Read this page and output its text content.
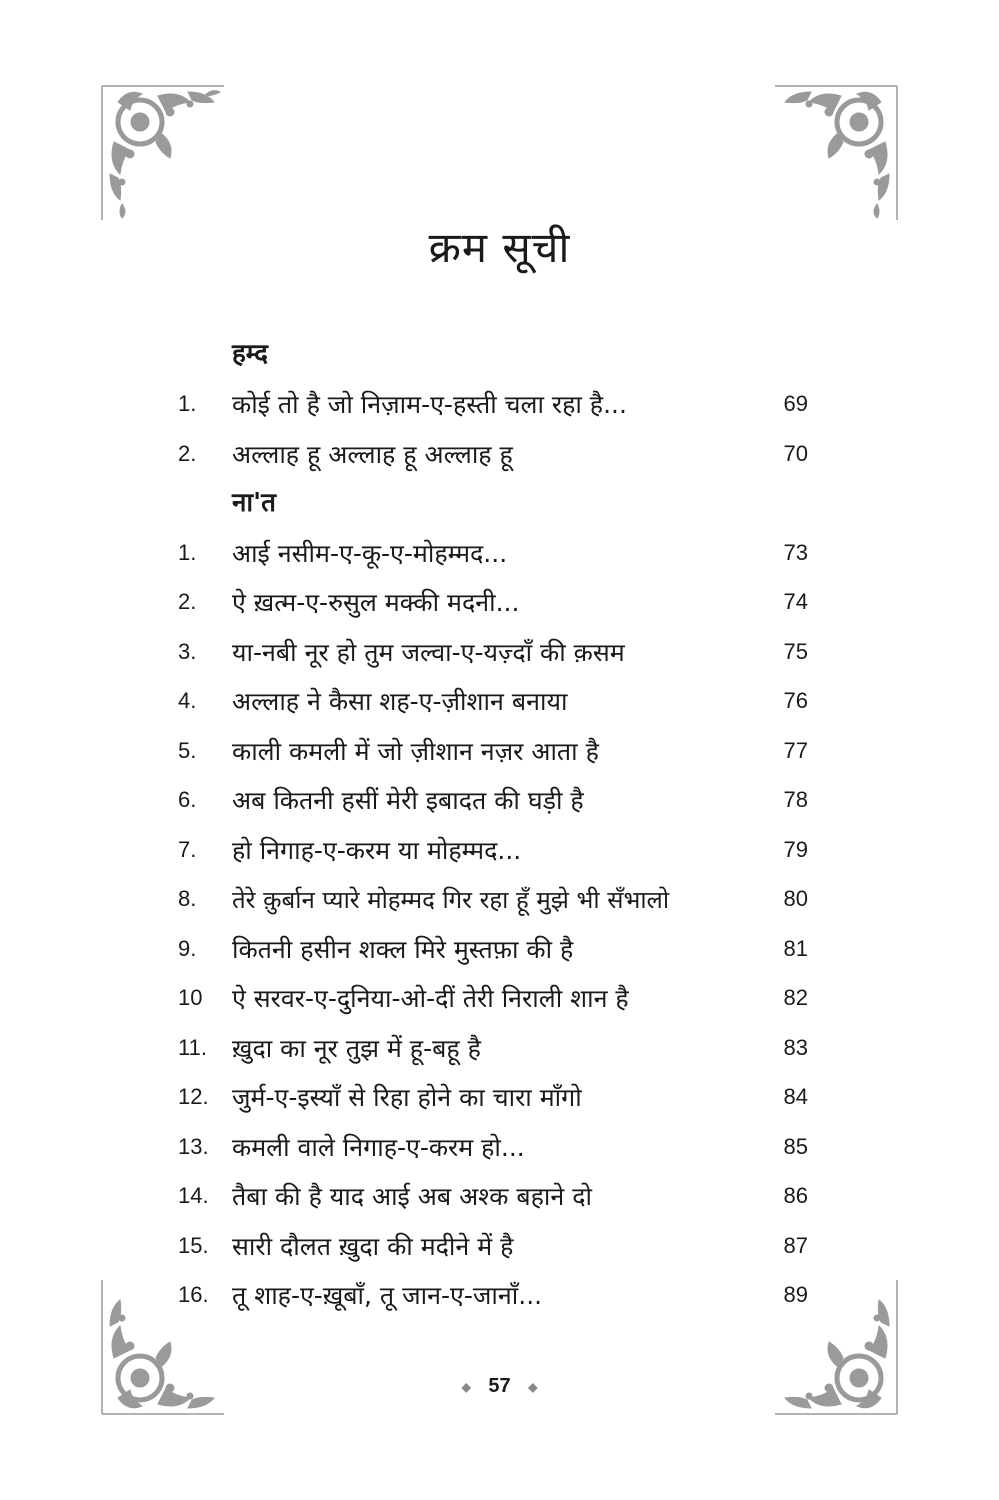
क्रम सूची
हम्द
1.	कोई तो है जो निज़ाम-ए-हस्ती चला रहा है...	69
2.	अल्लाह हू अल्लाह हू अल्लाह हू	70
ना'त
1.	आई नसीम-ए-कू-ए-मोहम्मद...	73
2.	ऐ ख़त्म-ए-रुसुल मक्की मदनी...	74
3.	या-नबी नूर हो तुम जल्वा-ए-यज़्दाँ की क़सम	75
4.	अल्लाह ने कैसा शह-ए-ज़ीशान बनाया	76
5.	काली कमली में जो ज़ीशान नज़र आता है	77
6.	अब कितनी हसीं मेरी इबादत की घड़ी है	78
7.	हो निगाह-ए-करम या मोहम्मद...	79
8.	तेरे क़ुर्बान प्यारे मोहम्मद गिर रहा हूँ मुझे भी सँभालो	80
9.	कितनी हसीन शक्ल मिरे मुस्तफ़ा की है	81
10	ऐ सरवर-ए-दुनिया-ओ-दीं तेरी निराली शान है	82
11.	ख़ुदा का नूर तुझ में हू-बहू है	83
12. जुर्म-ए-इस्याँ से रिहा होने का चारा माँगो	84
13. कमली वाले निगाह-ए-करम हो...	85
14. तैबा की है याद आई अब अश्क बहाने दो	86
15. सारी दौलत ख़ुदा की मदीने में है	87
16. तू शाह-ए-ख़ूबाँ, तू जान-ए-जानाँ...	89
◆ 57 ◆
